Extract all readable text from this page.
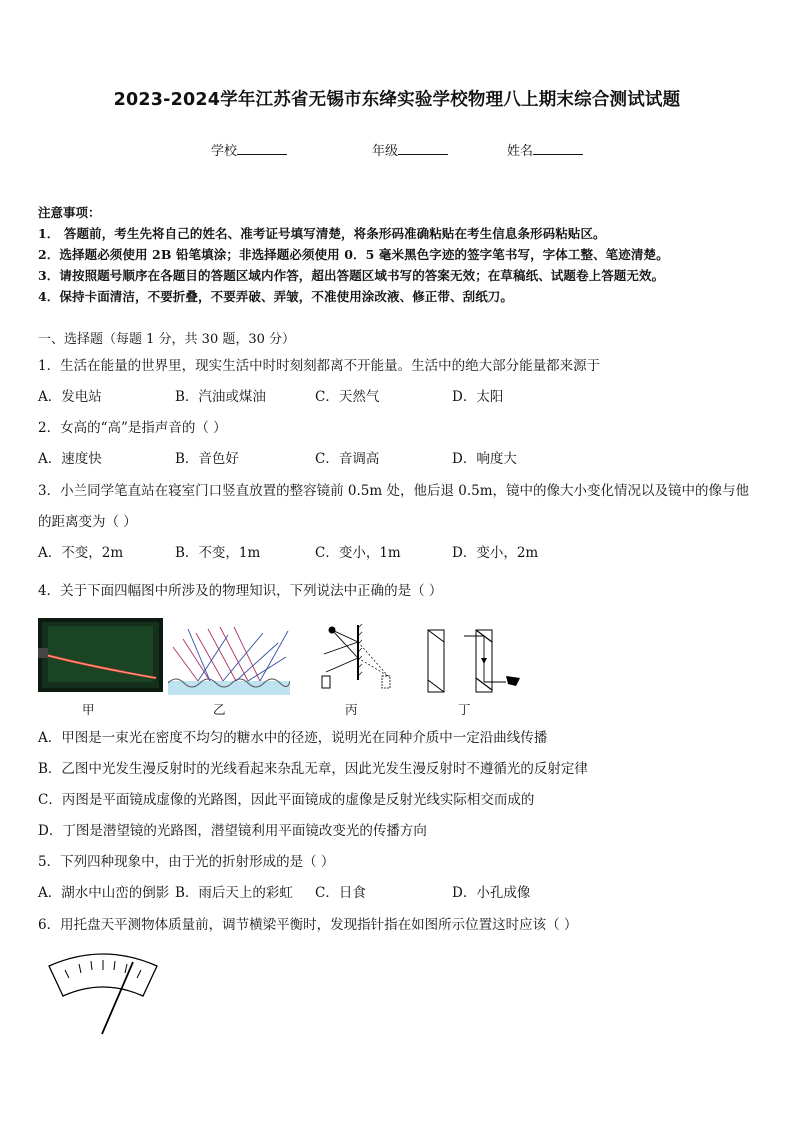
2023-2024学年江苏省无锡市东绛实验学校物理八上期末综合测试试题
学校	年级	姓名
注意事项：
1． 答题前，考生先将自己的姓名、准考证号填写清楚，将条形码准确粘贴在考生信息条形码粘贴区。
2．选择题必须使用 2B 铅笔填涂；非选择题必须使用 0．5 毫米黑色字迹的签字笔书写，字体工整、笔迹清楚。
3．请按照题号顺序在各题目的答题区域内作答，超出答题区域书写的答案无效；在草稿纸、试题卷上答题无效。
4．保持卡面清洁，不要折叠，不要弄破、弄皱，不准使用涂改液、修正带、刮纸刀。
一、选择题（每题 1 分，共 30 题，30 分）
1．生活在能量的世界里，现实生活中时时刻刻都离不开能量。生活中的绝大部分能量都来源于
A．发电站	B．汽油或煤油	C．天然气	D．太阳
2．女高的“高”是指声音的（ ）
A．速度快	B．音色好	C．音调高	D．响度大
3．小兰同学笔直站在寝室门口竖直放置的整容镜前 0.5m 处，他后退 0.5m，镜中的像大小变化情况以及镜中的像与他
的距离变为（ ）
A．不变，2m	B．不变，1m	C．变小，1m	D．变小，2m
4．关于下面四幅图中所涉及的物理知识，下列说法中正确的是（ ）
甲	乙	丙	丁
A．甲图是一束光在密度不均匀的糖水中的径迹，说明光在同种介质中一定沿曲线传播
B．乙图中光发生漫反射时的光线看起来杂乱无章，因此光发生漫反射时不遵循光的反射定律
C．丙图是平面镜成虚像的光路图，因此平面镜成的虚像是反射光线实际相交而成的
D．丁图是潜望镜的光路图，潜望镜利用平面镜改变光的传播方向
5．下列四种现象中，由于光的折射形成的是（ ）
A．湖水中山峦的倒影 B．雨后天上的彩虹 C．日食	D．小孔成像
6．用托盘天平测物体质量前，调节横梁平衡时，发现指针指在如图所示位置这时应该（ ）
